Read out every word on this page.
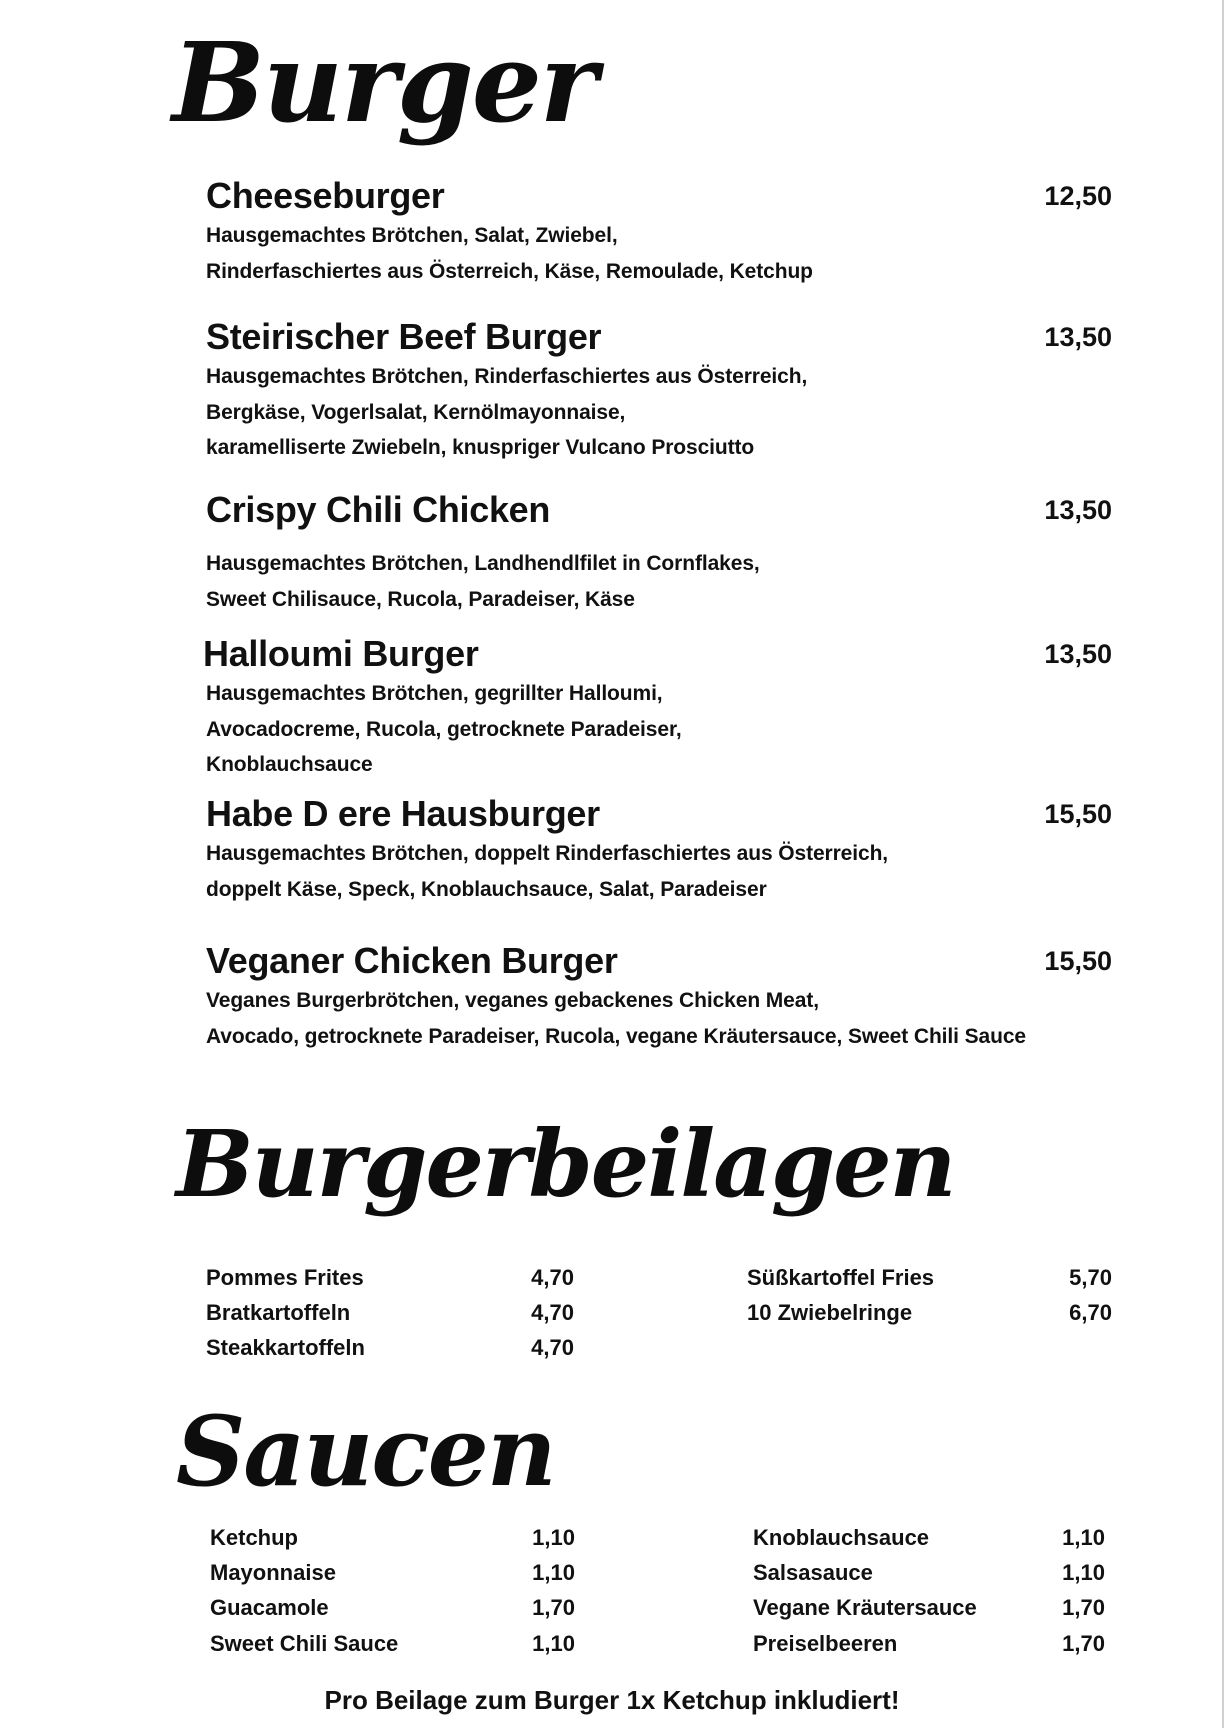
Burger
Cheeseburger	12,50
Hausgemachtes Brötchen, Salat, Zwiebel,
Rinderfaschiertes aus Österreich, Käse, Remoulade, Ketchup
Steirischer Beef Burger	13,50
Hausgemachtes Brötchen, Rinderfaschiertes aus Österreich,
Bergkäse, Vogerlsalat, Kernölmayonnaise,
karamelliserte Zwiebeln, knuspriger Vulcano Prosciutto
Crispy Chili Chicken	13,50
Hausgemachtes Brötchen, Landhendlfilet in Cornflakes,
Sweet Chilisauce, Rucola, Paradeiser, Käse
Halloumi Burger	13,50
Hausgemachtes Brötchen, gegrillter Halloumi,
Avocadocreme, Rucola, getrocknete Paradeiser,
Knoblauchsauce
Habe D ere Hausburger	15,50
Hausgemachtes Brötchen, doppelt Rinderfaschiertes aus Österreich,
doppelt Käse, Speck, Knoblauchsauce, Salat, Paradeiser
Veganer Chicken Burger	15,50
Veganes Burgerbrötchen, veganes gebackenes Chicken Meat,
Avocado, getrocknete Paradeiser, Rucola, vegane Kräutersauce, Sweet Chili Sauce
Burgerbeilagen
Pommes Frites	4,70
Bratkartoffeln	4,70
Steakkartoffeln	4,70
Süßkartoffel Fries	5,70
10 Zwiebelringe	6,70
Saucen
Ketchup	1,10
Mayonnaise	1,10
Guacamole	1,70
Sweet Chili Sauce	1,10
Knoblauchsauce	1,10
Salsasauce	1,10
Vegane Kräutersauce	1,70
Preiselbeeren	1,70
Pro Beilage zum Burger 1x Ketchup inkludiert!
